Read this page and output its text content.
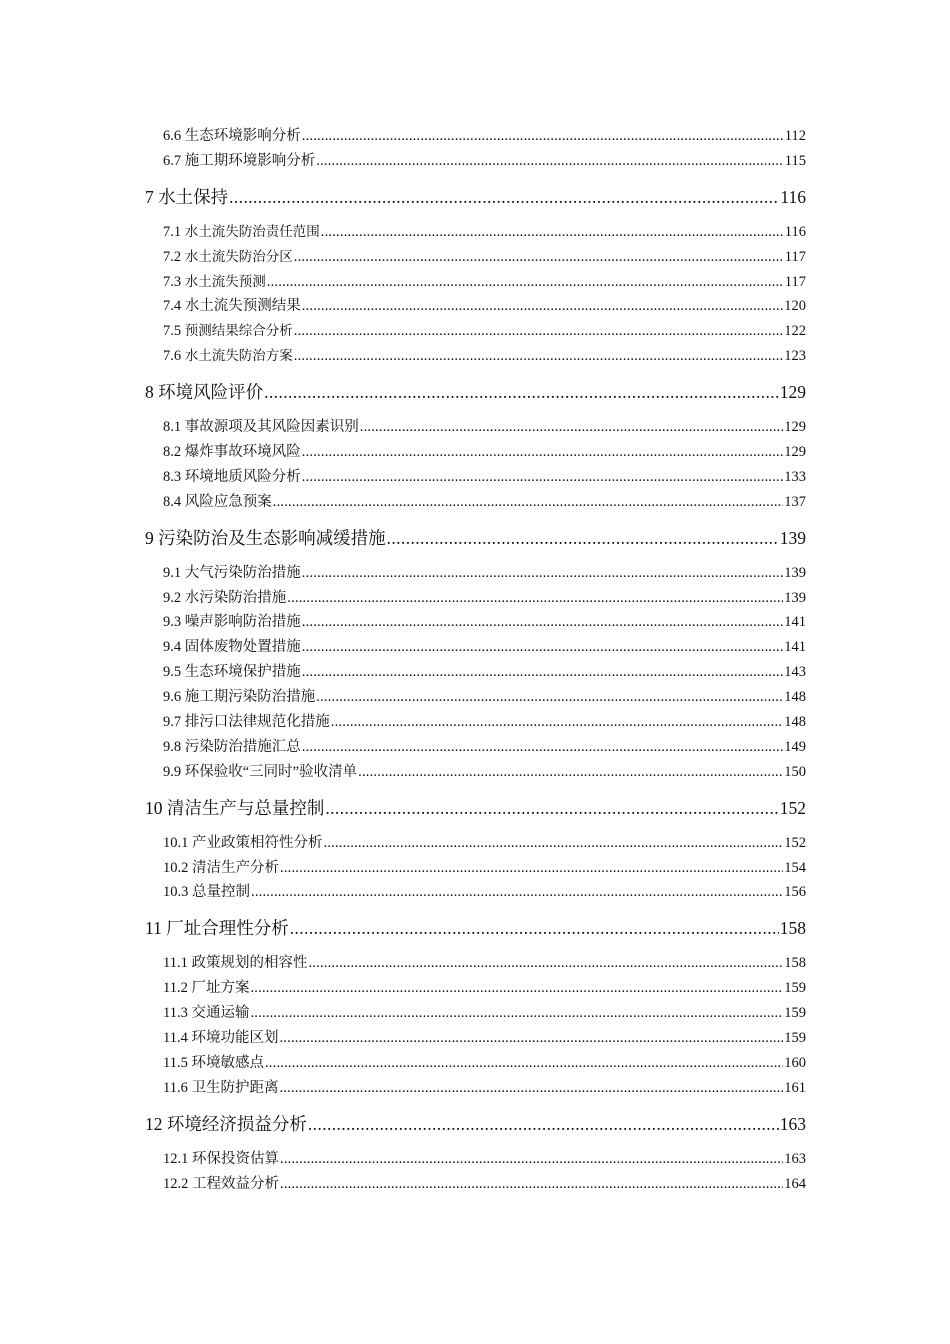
6.6 生态环境影响分析 .....	112
6.7 施工期环境影响分析 .....	115
7 水土保持 .....	116
7.1 水土流失防治责任范围 .....	116
7.2 水土流失防治分区 .....	117
7.3 水土流失预测 .....	117
7.4 水土流失预测结果 .....	120
7.5 预测结果综合分析 .....	122
7.6 水土流失防治方案 .....	123
8 环境风险评价 .....	129
8.1 事故源项及其风险因素识别 .....	129
8.2 爆炸事故环境风险 .....	129
8.3 环境地质风险分析 .....	133
8.4 风险应急预案 .....	137
9 污染防治及生态影响减缓措施 .....	139
9.1 大气污染防治措施 .....	139
9.2 水污染防治措施 .....	139
9.3 噪声影响防治措施 .....	141
9.4 固体废物处置措施 .....	141
9.5 生态环境保护措施 .....	143
9.6 施工期污染防治措施 .....	148
9.7 排污口法律规范化措施 .....	148
9.8 污染防治措施汇总 .....	149
9.9 环保验收“三同时”验收清单 .....	150
10 清洁生产与总量控制 .....	152
10.1 产业政策相符性分析 .....	152
10.2 清洁生产分析 .....	154
10.3 总量控制 .....	156
11 厂址合理性分析 .....	158
11.1 政策规划的相容性 .....	158
11.2 厂址方案 .....	159
11.3 交通运输 .....	159
11.4 环境功能区划 .....	159
11.5 环境敏感点 .....	160
11.6 卫生防护距离 .....	161
12 环境经济损益分析 .....	163
12.1 环保投资估算 .....	163
12.2 工程效益分析 .....	164
